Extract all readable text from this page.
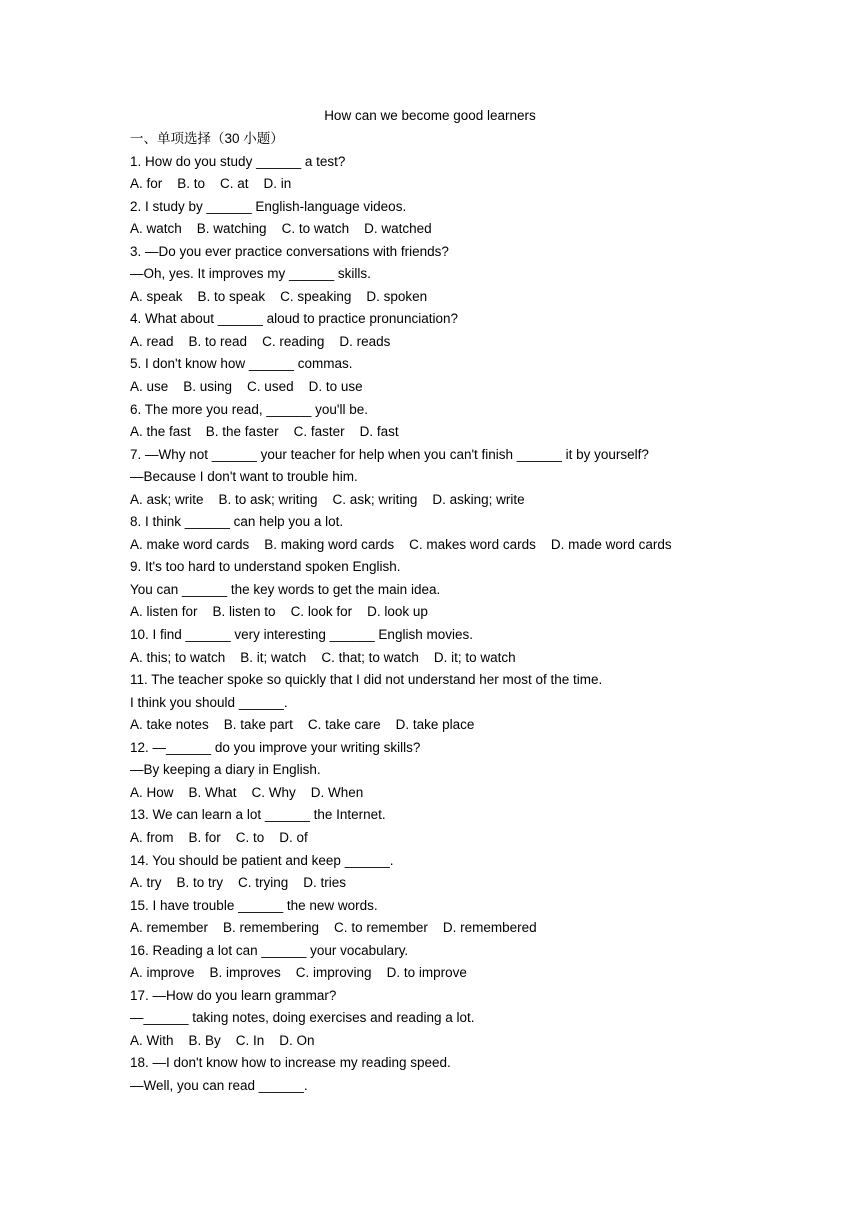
How can we become good learners
一、单项选择（30 小题）
1. How do you study ______ a test?
A. for    B. to    C. at    D. in
2. I study by ______ English-language videos.
A. watch    B. watching    C. to watch    D. watched
3. —Do you ever practice conversations with friends?
—Oh, yes. It improves my ______ skills.
A. speak    B. to speak    C. speaking    D. spoken
4. What about ______ aloud to practice pronunciation?
A. read    B. to read    C. reading    D. reads
5. I don't know how ______ commas.
A. use    B. using    C. used    D. to use
6. The more you read, ______ you'll be.
A. the fast    B. the faster    C. faster    D. fast
7. —Why not ______ your teacher for help when you can't finish ______ it by yourself?
—Because I don't want to trouble him.
A. ask; write    B. to ask; writing    C. ask; writing    D. asking; write
8. I think ______ can help you a lot.
A. make word cards    B. making word cards    C. makes word cards    D. made word cards
9. It's too hard to understand spoken English.
You can ______ the key words to get the main idea.
A. listen for    B. listen to    C. look for    D. look up
10. I find ______ very interesting ______ English movies.
A. this; to watch    B. it; watch    C. that; to watch    D. it; to watch
11. The teacher spoke so quickly that I did not understand her most of the time.
I think you should ______.
A. take notes    B. take part    C. take care    D. take place
12. —______ do you improve your writing skills?
—By keeping a diary in English.
A. How    B. What    C. Why    D. When
13. We can learn a lot ______ the Internet.
A. from    B. for    C. to    D. of
14. You should be patient and keep ______.
A. try    B. to try    C. trying    D. tries
15. I have trouble ______ the new words.
A. remember    B. remembering    C. to remember    D. remembered
16. Reading a lot can ______ your vocabulary.
A. improve    B. improves    C. improving    D. to improve
17. —How do you learn grammar?
—______ taking notes, doing exercises and reading a lot.
A. With    B. By    C. In    D. On
18. —I don't know how to increase my reading speed.
—Well, you can read ______.
